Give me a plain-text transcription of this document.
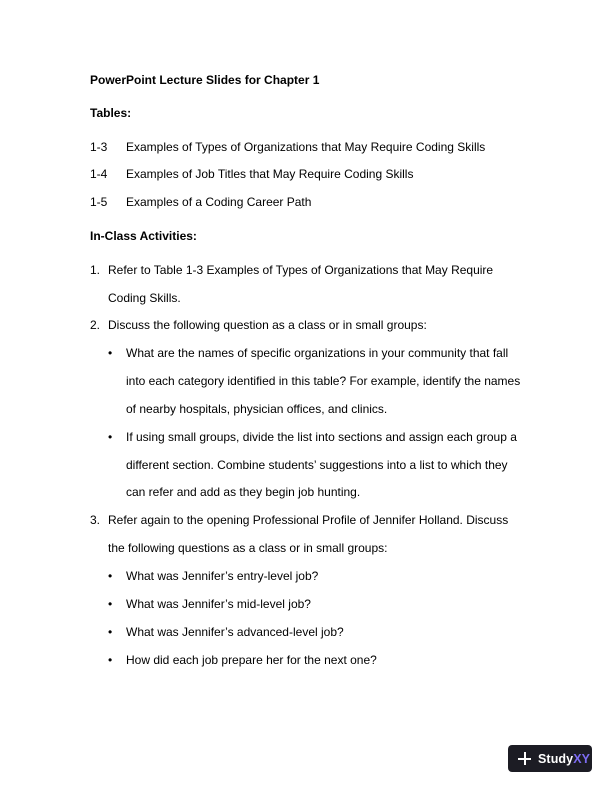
PowerPoint Lecture Slides for Chapter 1
Tables:
1-3 Examples of Types of Organizations that May Require Coding Skills
1-4 Examples of Job Titles that May Require Coding Skills
1-5 Examples of a Coding Career Path
In-Class Activities:
1. Refer to Table 1-3 Examples of Types of Organizations that May Require
Coding Skills.
2. Discuss the following question as a class or in small groups:
• What are the names of specific organizations in your community that fall
into each category identified in this table? For example, identify the names
of nearby hospitals, physician offices, and clinics.
• If using small groups, divide the list into sections and assign each group a
different section. Combine students’ suggestions into a list to which they
can refer and add as they begin job hunting.
3. Refer again to the opening Professional Profile of Jennifer Holland. Discuss
the following questions as a class or in small groups:
• What was Jennifer’s entry-level job?
• What was Jennifer’s mid-level job?
• What was Jennifer’s advanced-level job?
• How did each job prepare her for the next one?
StudyXY
